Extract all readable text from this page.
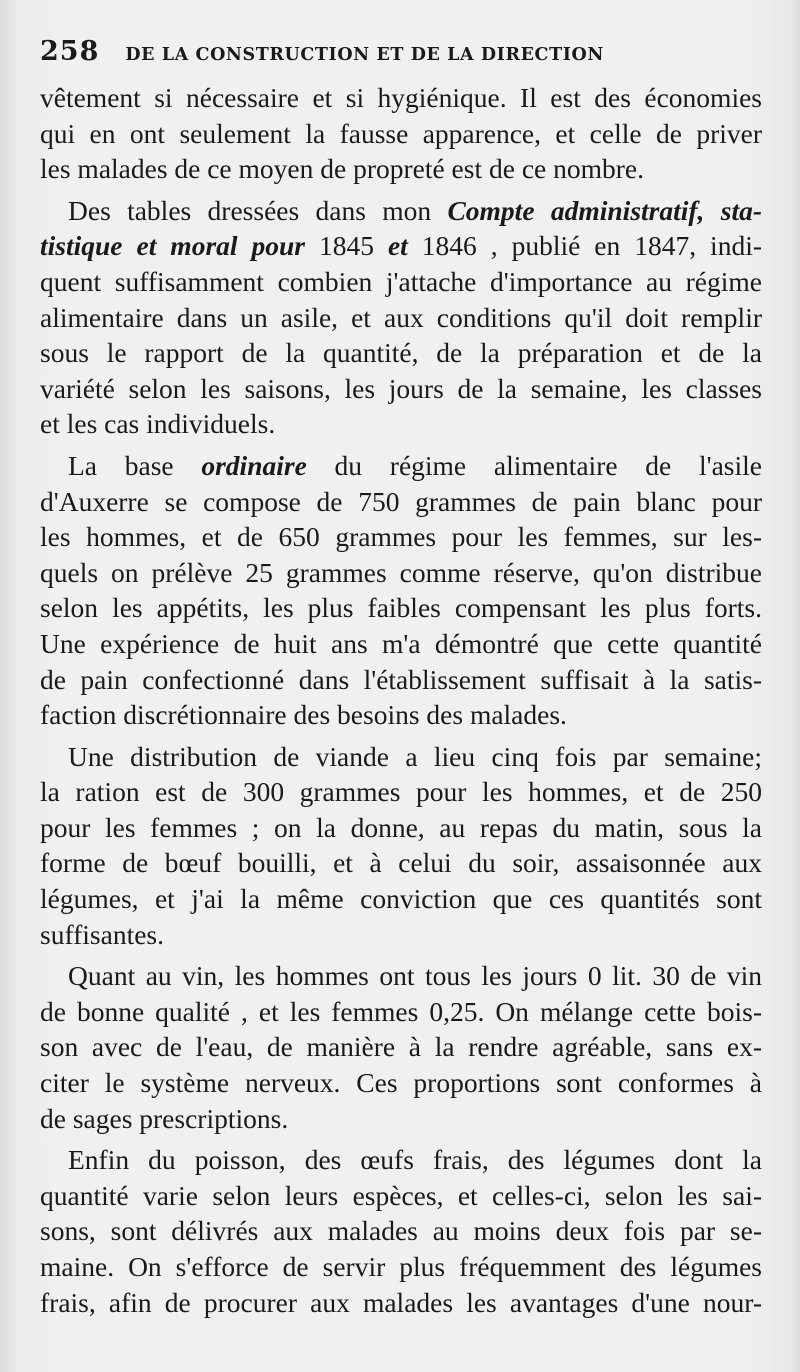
258 DE LA CONSTRUCTION ET DE LA DIRECTION
vêtement si nécessaire et si hygiénique. Il est des économies
qui en ont seulement la fausse apparence, et celle de priver
les malades de ce moyen de propreté est de ce nombre.
Des tables dressées dans mon Compte administratif, sta-
tistique et moral pour 1845 et 1846 , publié en 1847, indi-
quent suffisamment combien j'attache d'importance au régime
alimentaire dans un asile, et aux conditions qu'il doit remplir
sous le rapport de la quantité, de la préparation et de la
variété selon les saisons, les jours de la semaine, les classes
et les cas individuels.
La base ordinaire du régime alimentaire de l'asile
d'Auxerre se compose de 750 grammes de pain blanc pour
les hommes, et de 650 grammes pour les femmes, sur les-
quels on prélève 25 grammes comme réserve, qu'on distribue
selon les appétits, les plus faibles compensant les plus forts.
Une expérience de huit ans m'a démontré que cette quantité
de pain confectionné dans l'établissement suffisait à la satis-
faction discrétionnaire des besoins des malades.
Une distribution de viande a lieu cinq fois par semaine;
la ration est de 300 grammes pour les hommes, et de 250
pour les femmes ; on la donne, au repas du matin, sous la
forme de bœuf bouilli, et à celui du soir, assaisonnée aux
légumes, et j'ai la même conviction que ces quantités sont
suffisantes.
Quant au vin, les hommes ont tous les jours 0 lit. 30 de vin
de bonne qualité , et les femmes 0,25. On mélange cette bois-
son avec de l'eau, de manière à la rendre agréable, sans ex-
citer le système nerveux. Ces proportions sont conformes à
de sages prescriptions.
Enfin du poisson, des œufs frais, des légumes dont la
quantité varie selon leurs espèces, et celles-ci, selon les sai-
sons, sont délivrés aux malades au moins deux fois par se-
maine. On s'efforce de servir plus fréquemment des légumes
frais, afin de procurer aux malades les avantages d'une nour-
